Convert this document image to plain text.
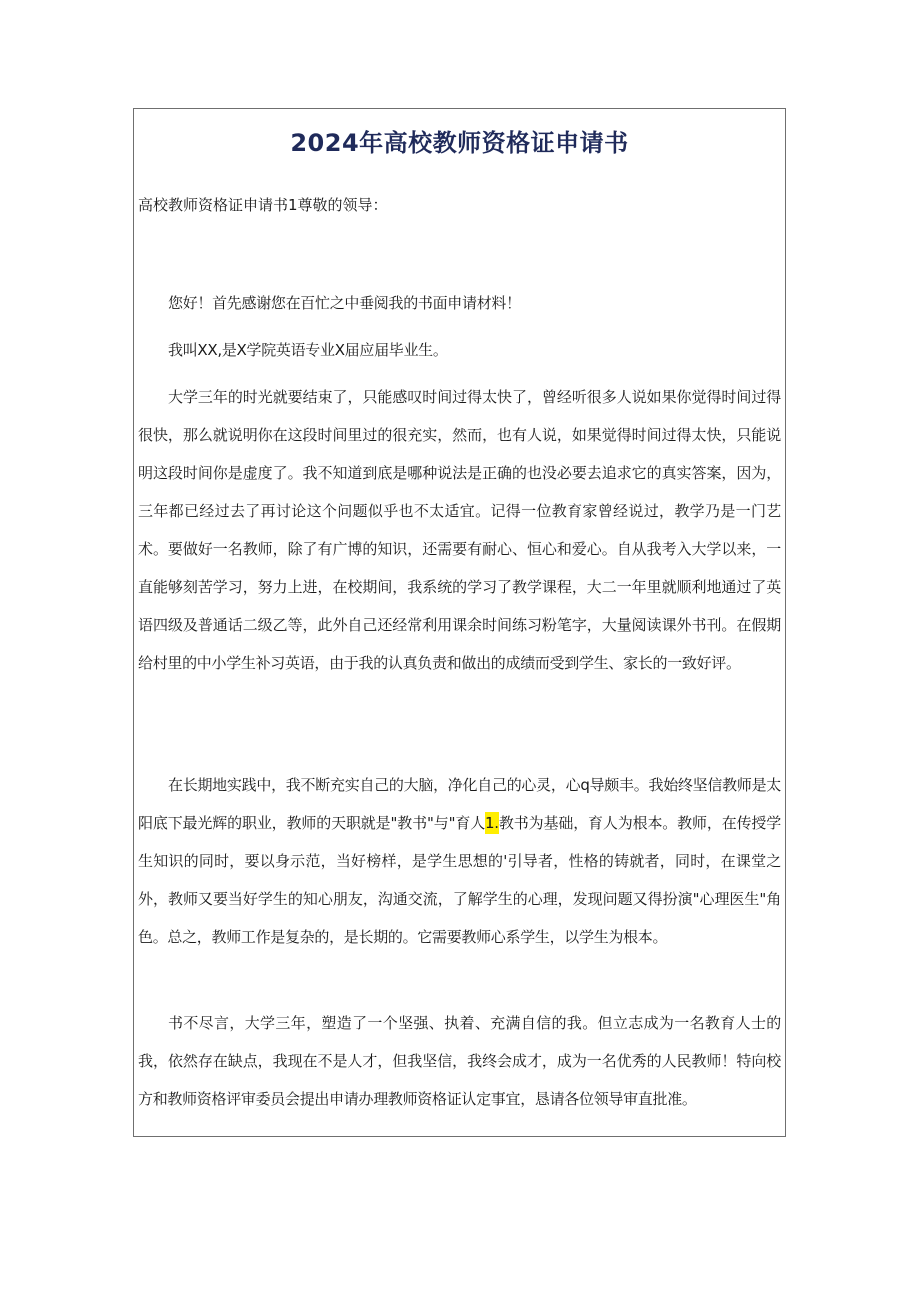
2024年高校教师资格证申请书

高校教师资格证申请书1尊敬的领导：

您好！首先感谢您在百忙之中垂阅我的书面申请材料！

我叫XX,是X学院英语专业X届应届毕业生。

大学三年的时光就要结束了，只能感叹时间过得太快了，曾经听很多人说如果你觉得时间过得很快，那么就说明你在这段时间里过的很充实，然而，也有人说，如果觉得时间过得太快，只能说明这段时间你是虚度了。我不知道到底是哪种说法是正确的也没必要去追求它的真实答案，因为，三年都已经过去了再讨论这个问题似乎也不太适宜。记得一位教育家曾经说过，教学乃是一门艺术。要做好一名教师，除了有广博的知识，还需要有耐心、恒心和爱心。自从我考入大学以来，一直能够刻苦学习，努力上进，在校期间，我系统的学习了教学课程，大二一年里就顺利地通过了英语四级及普通话二级乙等，此外自己还经常利用课余时间练习粉笔字，大量阅读课外书刊。在假期给村里的中小学生补习英语，由于我的认真负责和做出的成绩而受到学生、家长的一致好评。

在长期地实践中，我不断充实自己的大脑，净化自己的心灵，心q导颇丰。我始终坚信教师是太阳底下最光辉的职业，教师的天职就是"教书"与"育人1.教书为基础，育人为根本。教师，在传授学生知识的同时，要以身示范，当好榜样，是学生思想的'引导者，性格的铸就者，同时，在课堂之外，教师又要当好学生的知心朋友，沟通交流，了解学生的心理，发现问题又得扮演"心理医生"角色。总之，教师工作是复杂的，是长期的。它需要教师心系学生，以学生为根本。

书不尽言，大学三年，塑造了一个坚强、执着、充满自信的我。但立志成为一名教育人士的我，依然存在缺点，我现在不是人才，但我坚信，我终会成才，成为一名优秀的人民教师！特向校方和教师资格评审委员会提出申请办理教师资格证认定事宜，恳请各位领导审直批准。
